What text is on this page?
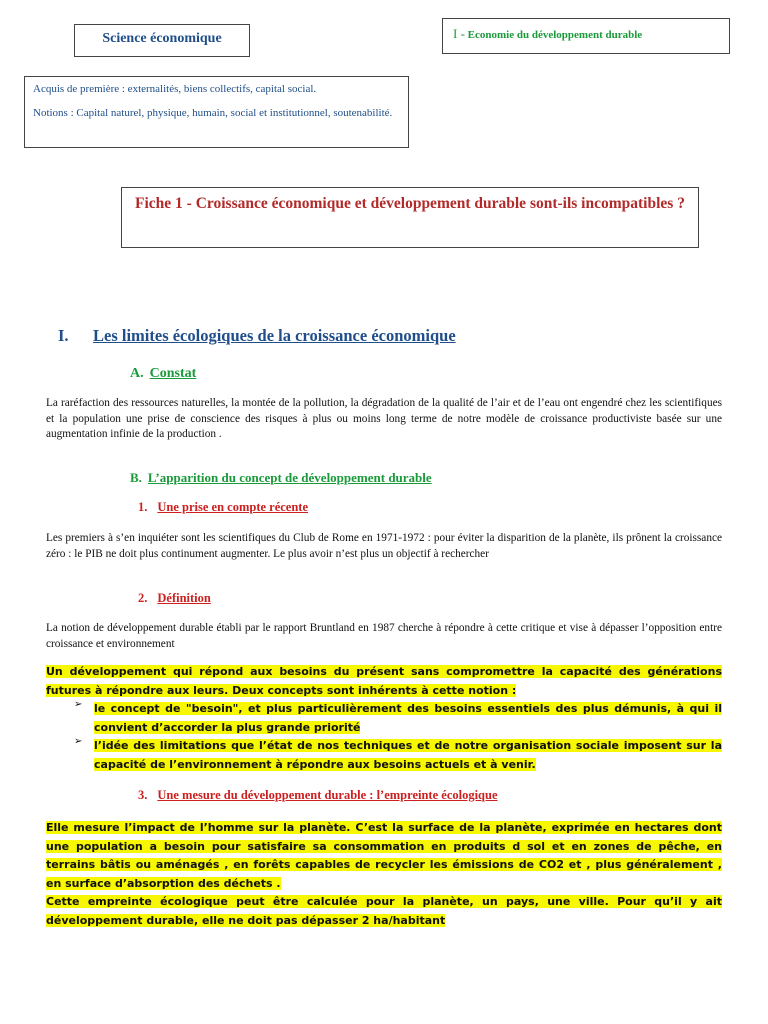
Science économique	I - Economie du développement durable

Acquis de première : externalités, biens collectifs, capital social.

Notions : Capital naturel, physique, humain, social et institutionnel, soutenabilité.

Fiche 1 - Croissance économique et développement durable sont-ils incompatibles ?
I. Les limites écologiques de la croissance économique
A. Constat
La raréfaction des ressources naturelles, la montée de la pollution, la dégradation de la qualité de l’air et de l’eau ont engendré chez les scientifiques et la population une prise de conscience des risques à plus ou moins long terme de notre modèle de croissance productiviste basée sur une augmentation infinie de la production .
B. L’apparition du concept de développement durable
1. Une prise en compte récente
Les premiers à s’en inquiéter sont les scientifiques du Club de Rome en 1971-1972 : pour éviter la disparition de la planète, ils prônent la croissance zéro : le PIB ne doit plus continument augmenter. Le plus avoir n’est plus un objectif à rechercher
2. Définition
La notion de développement durable établi par le rapport Bruntland en 1987 cherche à répondre à cette critique et vise à dépasser l’opposition entre croissance et environnement
Un développement qui répond aux besoins du présent sans compromettre la capacité des générations futures à répondre aux leurs. Deux concepts sont inhérents à cette notion :
➢	le concept de "besoin", et plus particulièrement des besoins essentiels des plus démunis, à qui il convient d’accorder la plus grande priorité
➢	l’idée des limitations que l’état de nos techniques et de notre organisation sociale imposent sur la capacité de l’environnement à répondre aux besoins actuels et à venir.
3. Une mesure du développement durable : l’empreinte écologique
Elle mesure l’impact de l’homme sur la planète. C’est la surface de la planète, exprimée en hectares dont une population a besoin pour satisfaire sa consommation en produits d sol et en zones de pêche, en terrains bâtis ou aménagés , en forêts capables de recycler les émissions de CO2 et , plus généralement , en surface d’absorption des déchets .
Cette empreinte écologique peut être calculée pour la planète, un pays, une ville. Pour qu’il y ait développement durable, elle ne doit pas dépasser 2 ha/habitant
